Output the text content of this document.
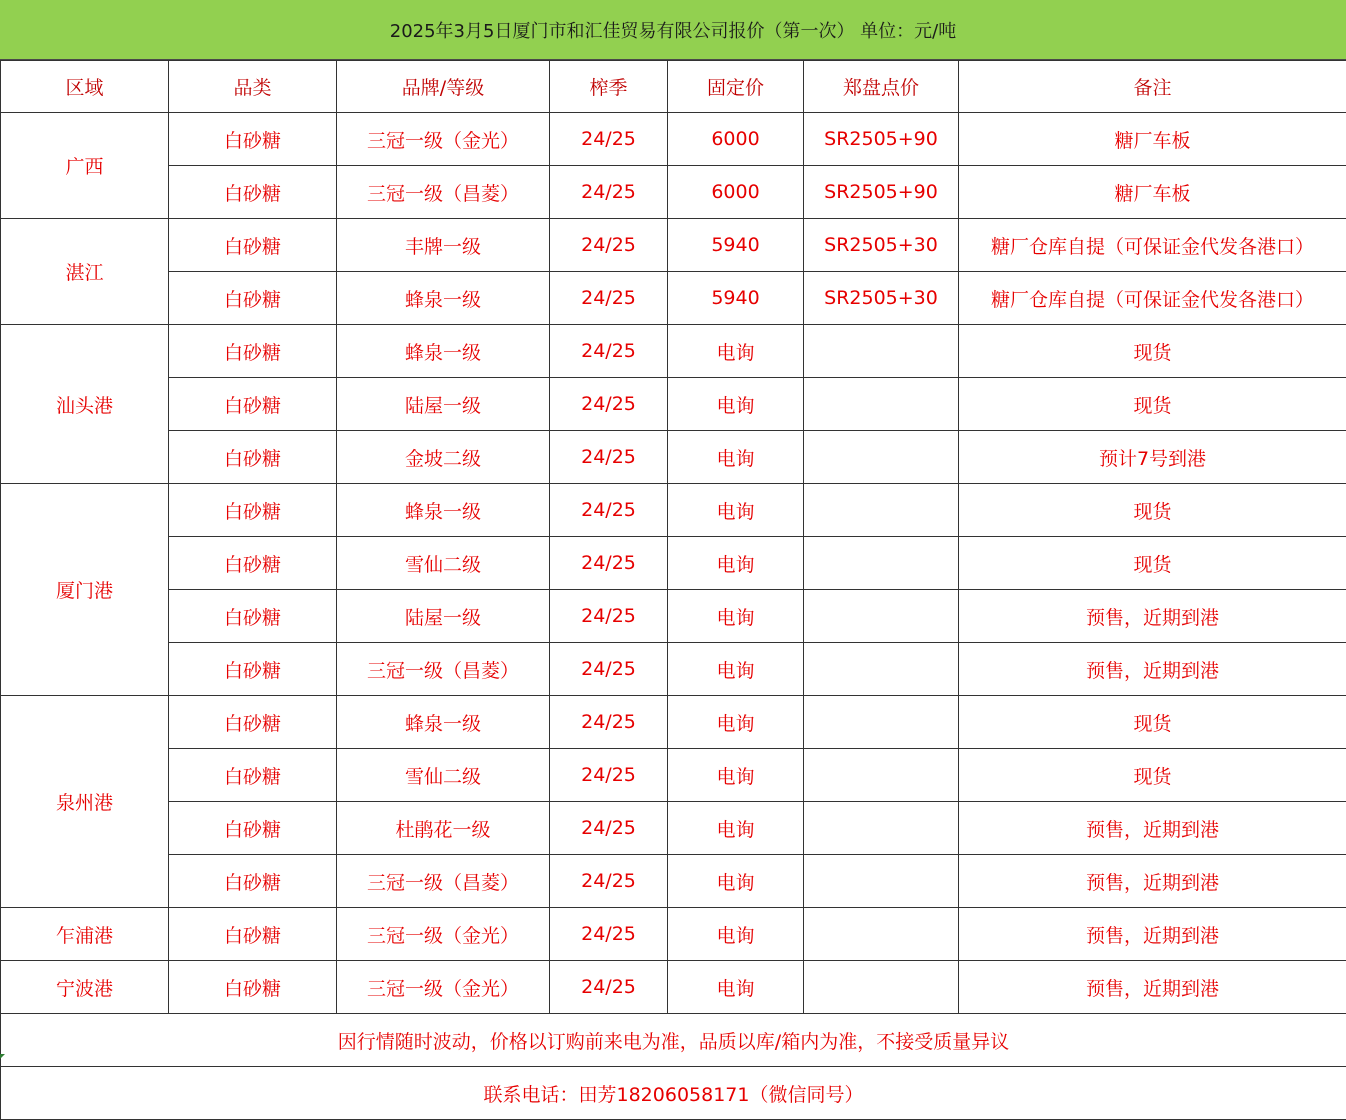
2025年3月5日厦门市和汇佳贸易有限公司报价（第一次） 单位：元/吨
区域	品类	品牌/等级	榨季	固定价	郑盘点价	备注
广西	白砂糖	三冠一级（金光）	24/25	6000	SR2505+90	糖厂车板
	白砂糖	三冠一级（昌菱）	24/25	6000	SR2505+90	糖厂车板
湛江	白砂糖	丰牌一级	24/25	5940	SR2505+30	糖厂仓库自提（可保证金代发各港口）
	白砂糖	蜂泉一级	24/25	5940	SR2505+30	糖厂仓库自提（可保证金代发各港口）
汕头港	白砂糖	蜂泉一级	24/25	电询		现货
	白砂糖	陆屋一级	24/25	电询		现货
	白砂糖	金坡二级	24/25	电询		预计7号到港
厦门港	白砂糖	蜂泉一级	24/25	电询		现货
	白砂糖	雪仙二级	24/25	电询		现货
	白砂糖	陆屋一级	24/25	电询		预售，近期到港
	白砂糖	三冠一级（昌菱）	24/25	电询		预售，近期到港
泉州港	白砂糖	蜂泉一级	24/25	电询		现货
	白砂糖	雪仙二级	24/25	电询		现货
	白砂糖	杜鹃花一级	24/25	电询		预售，近期到港
	白砂糖	三冠一级（昌菱）	24/25	电询		预售，近期到港
乍浦港	白砂糖	三冠一级（金光）	24/25	电询		预售，近期到港
宁波港	白砂糖	三冠一级（金光）	24/25	电询		预售，近期到港
因行情随时波动，价格以订购前来电为准，品质以库/箱内为准，不接受质量异议						
联系电话：田芳18206058171（微信同号）						
